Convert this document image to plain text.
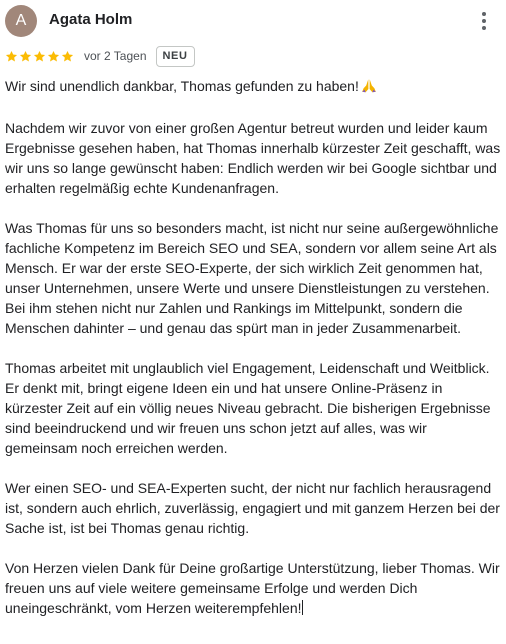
A	Agata Holm
vor 2 Tagen	NEU

Wir sind unendlich dankbar, Thomas gefunden zu haben!

Nachdem wir zuvor von einer großen Agentur betreut wurden und leider kaum Ergebnisse gesehen haben, hat Thomas innerhalb kürzester Zeit geschafft, was wir uns so lange gewünscht haben: Endlich werden wir bei Google sichtbar und erhalten regelmäßig echte Kundenanfragen.

Was Thomas für uns so besonders macht, ist nicht nur seine außergewöhnliche fachliche Kompetenz im Bereich SEO und SEA, sondern vor allem seine Art als Mensch. Er war der erste SEO-Experte, der sich wirklich Zeit genommen hat, unser Unternehmen, unsere Werte und unsere Dienstleistungen zu verstehen. Bei ihm stehen nicht nur Zahlen und Rankings im Mittelpunkt, sondern die Menschen dahinter – und genau das spürt man in jeder Zusammenarbeit.

Thomas arbeitet mit unglaublich viel Engagement, Leidenschaft und Weitblick. Er denkt mit, bringt eigene Ideen ein und hat unsere Online-Präsenz in kürzester Zeit auf ein völlig neues Niveau gebracht. Die bisherigen Ergebnisse sind beeindruckend und wir freuen uns schon jetzt auf alles, was wir gemeinsam noch erreichen werden.

Wer einen SEO- und SEA-Experten sucht, der nicht nur fachlich herausragend ist, sondern auch ehrlich, zuverlässig, engagiert und mit ganzem Herzen bei der Sache ist, ist bei Thomas genau richtig.

Von Herzen vielen Dank für Deine großartige Unterstützung, lieber Thomas. Wir freuen uns auf viele weitere gemeinsame Erfolge und werden Dich uneingeschränkt, vom Herzen weiterempfehlen!
